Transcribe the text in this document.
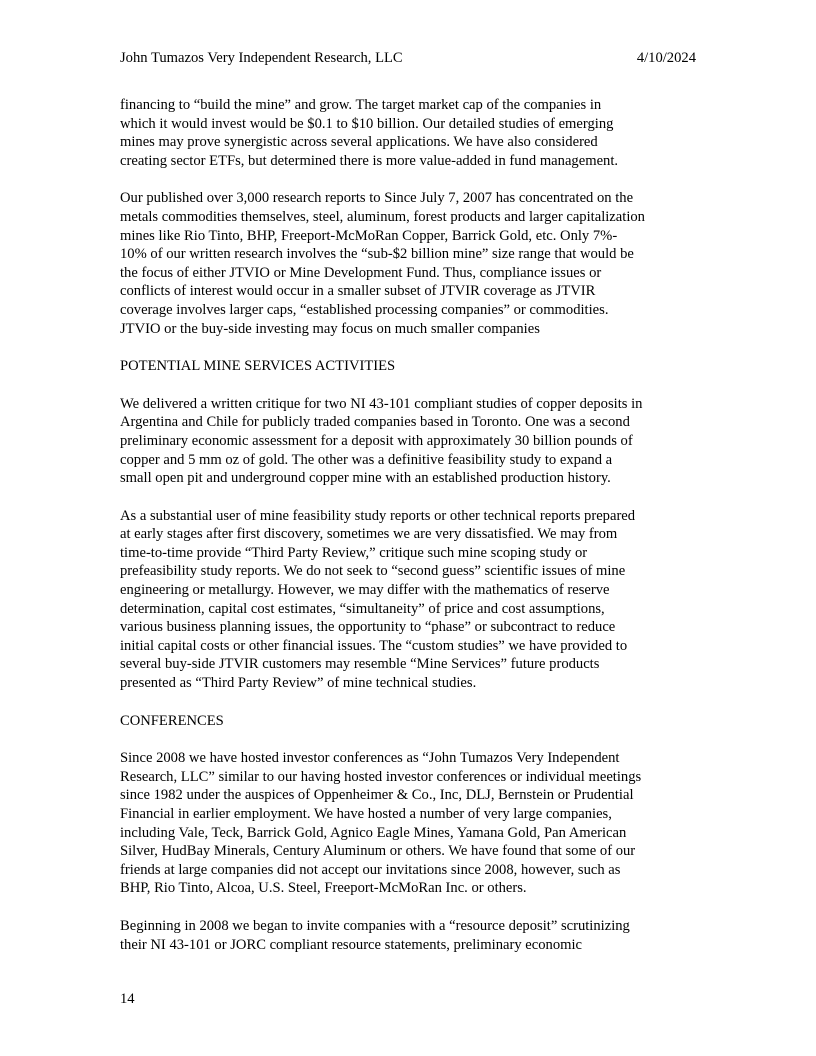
John Tumazos Very Independent Research, LLC	4/10/2024

financing to “build the mine” and grow. The target market cap of the companies in
which it would invest would be $0.1 to $10 billion. Our detailed studies of emerging
mines may prove synergistic across several applications. We have also considered
creating sector ETFs, but determined there is more value-added in fund management.

Our published over 3,000 research reports to Since July 7, 2007 has concentrated on the
metals commodities themselves, steel, aluminum, forest products and larger capitalization
mines like Rio Tinto, BHP, Freeport-McMoRan Copper, Barrick Gold, etc. Only 7%-
10% of our written research involves the “sub-$2 billion mine” size range that would be
the focus of either JTVIO or Mine Development Fund. Thus, compliance issues or
conflicts of interest would occur in a smaller subset of JTVIR coverage as JTVIR
coverage involves larger caps, “established processing companies” or commodities.
JTVIO or the buy-side investing may focus on much smaller companies

POTENTIAL MINE SERVICES ACTIVITIES

We delivered a written critique for two NI 43-101 compliant studies of copper deposits in
Argentina and Chile for publicly traded companies based in Toronto. One was a second
preliminary economic assessment for a deposit with approximately 30 billion pounds of
copper and 5 mm oz of gold. The other was a definitive feasibility study to expand a
small open pit and underground copper mine with an established production history.

As a substantial user of mine feasibility study reports or other technical reports prepared
at early stages after first discovery, sometimes we are very dissatisfied. We may from
time-to-time provide “Third Party Review,” critique such mine scoping study or
prefeasibility study reports. We do not seek to “second guess” scientific issues of mine
engineering or metallurgy. However, we may differ with the mathematics of reserve
determination, capital cost estimates, “simultaneity” of price and cost assumptions,
various business planning issues, the opportunity to “phase” or subcontract to reduce
initial capital costs or other financial issues. The “custom studies” we have provided to
several buy-side JTVIR customers may resemble “Mine Services” future products
presented as “Third Party Review” of mine technical studies.

CONFERENCES

Since 2008 we have hosted investor conferences as “John Tumazos Very Independent
Research, LLC” similar to our having hosted investor conferences or individual meetings
since 1982 under the auspices of Oppenheimer & Co., Inc, DLJ, Bernstein or Prudential
Financial in earlier employment. We have hosted a number of very large companies,
including Vale, Teck, Barrick Gold, Agnico Eagle Mines, Yamana Gold, Pan American
Silver, HudBay Minerals, Century Aluminum or others. We have found that some of our
friends at large companies did not accept our invitations since 2008, however, such as
BHP, Rio Tinto, Alcoa, U.S. Steel, Freeport-McMoRan Inc. or others.

Beginning in 2008 we began to invite companies with a “resource deposit” scrutinizing
their NI 43-101 or JORC compliant resource statements, preliminary economic

14
